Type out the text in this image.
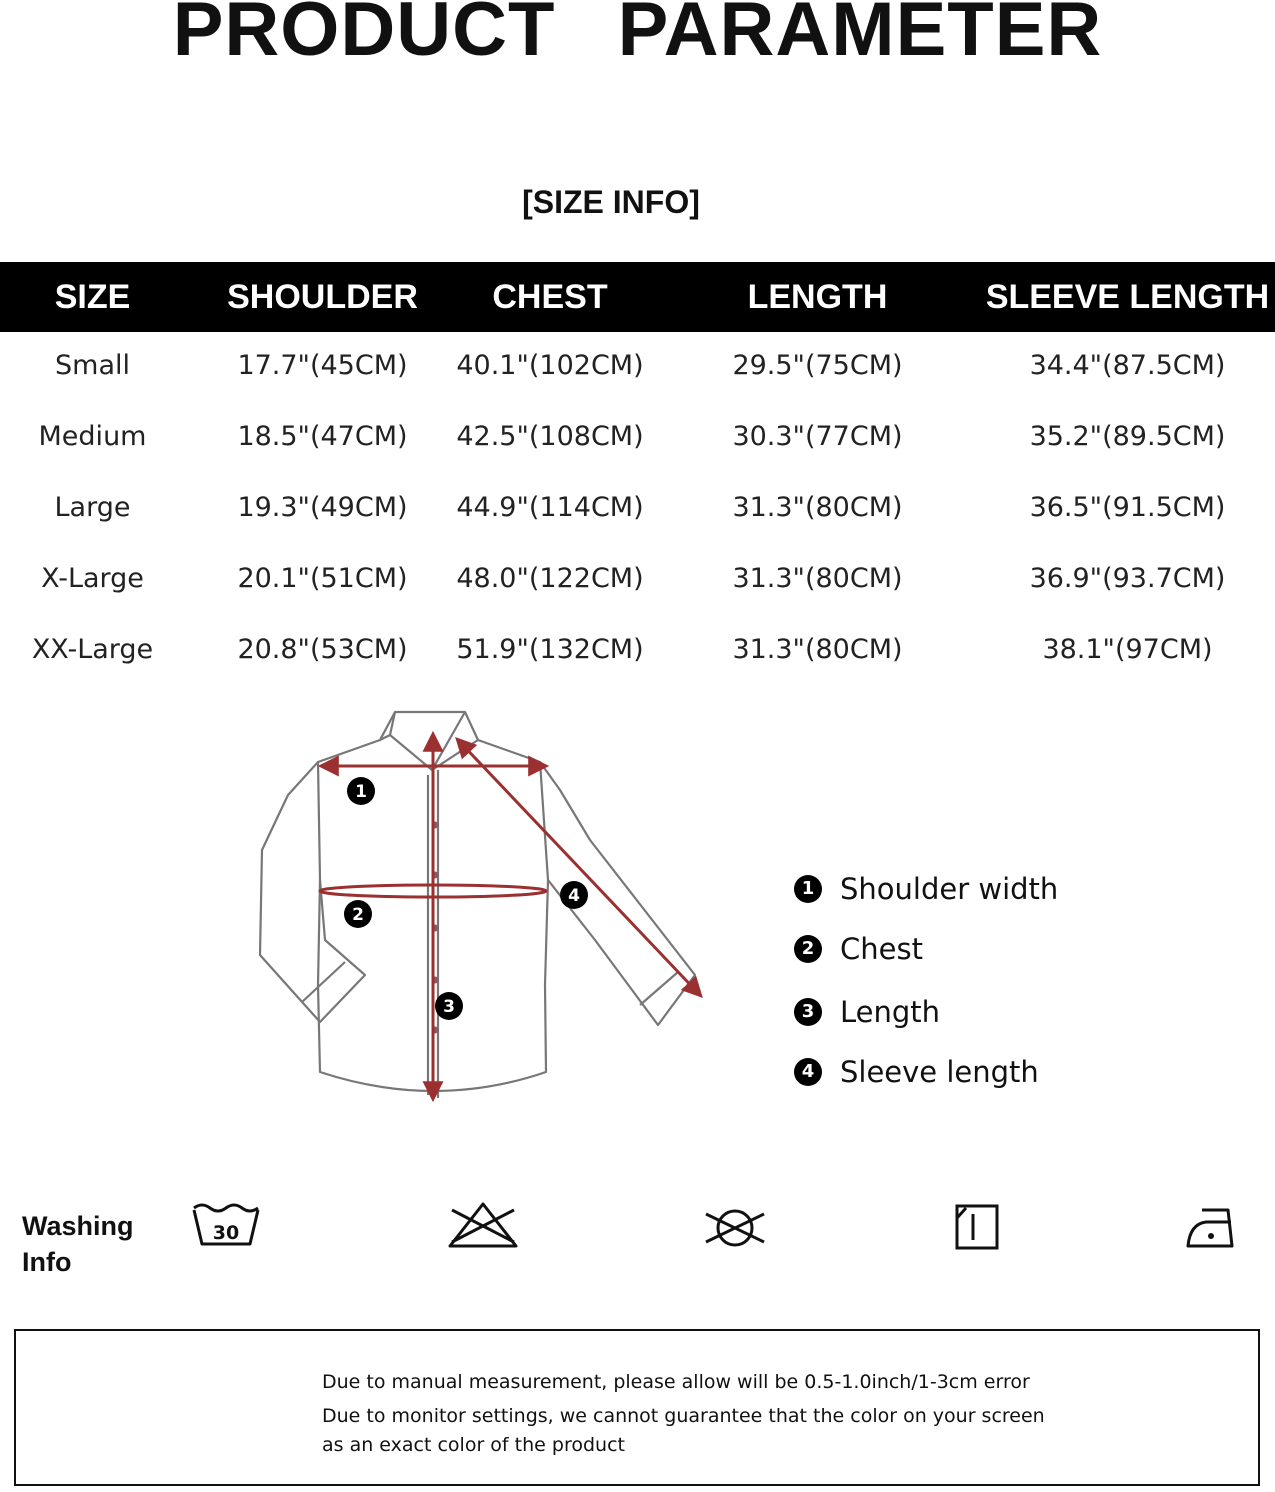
PRODUCT PARAMETER
[SIZE INFO]
SIZE	SHOULDER	CHEST	LENGTH	SLEEVE LENGTH
Small	17.7"(45CM)	40.1"(102CM)	29.5"(75CM)	34.4"(87.5CM)
Medium	18.5"(47CM)	42.5"(108CM)	30.3"(77CM)	35.2"(89.5CM)
Large	19.3"(49CM)	44.9"(114CM)	31.3"(80CM)	36.5"(91.5CM)
X-Large	20.1"(51CM)	48.0"(122CM)	31.3"(80CM)	36.9"(93.7CM)
XX-Large	20.8"(53CM)	51.9"(132CM)	31.3"(80CM)	38.1"(97CM)
1
2
3
4	1 Shoulder width
2 Chest
3 Length
4 Sleeve length
Washing
Info
30
Due to manual measurement, please allow will be 0.5-1.0inch/1-3cm error
Due to monitor settings, we cannot guarantee that the color on your screen
as an exact color of the product
